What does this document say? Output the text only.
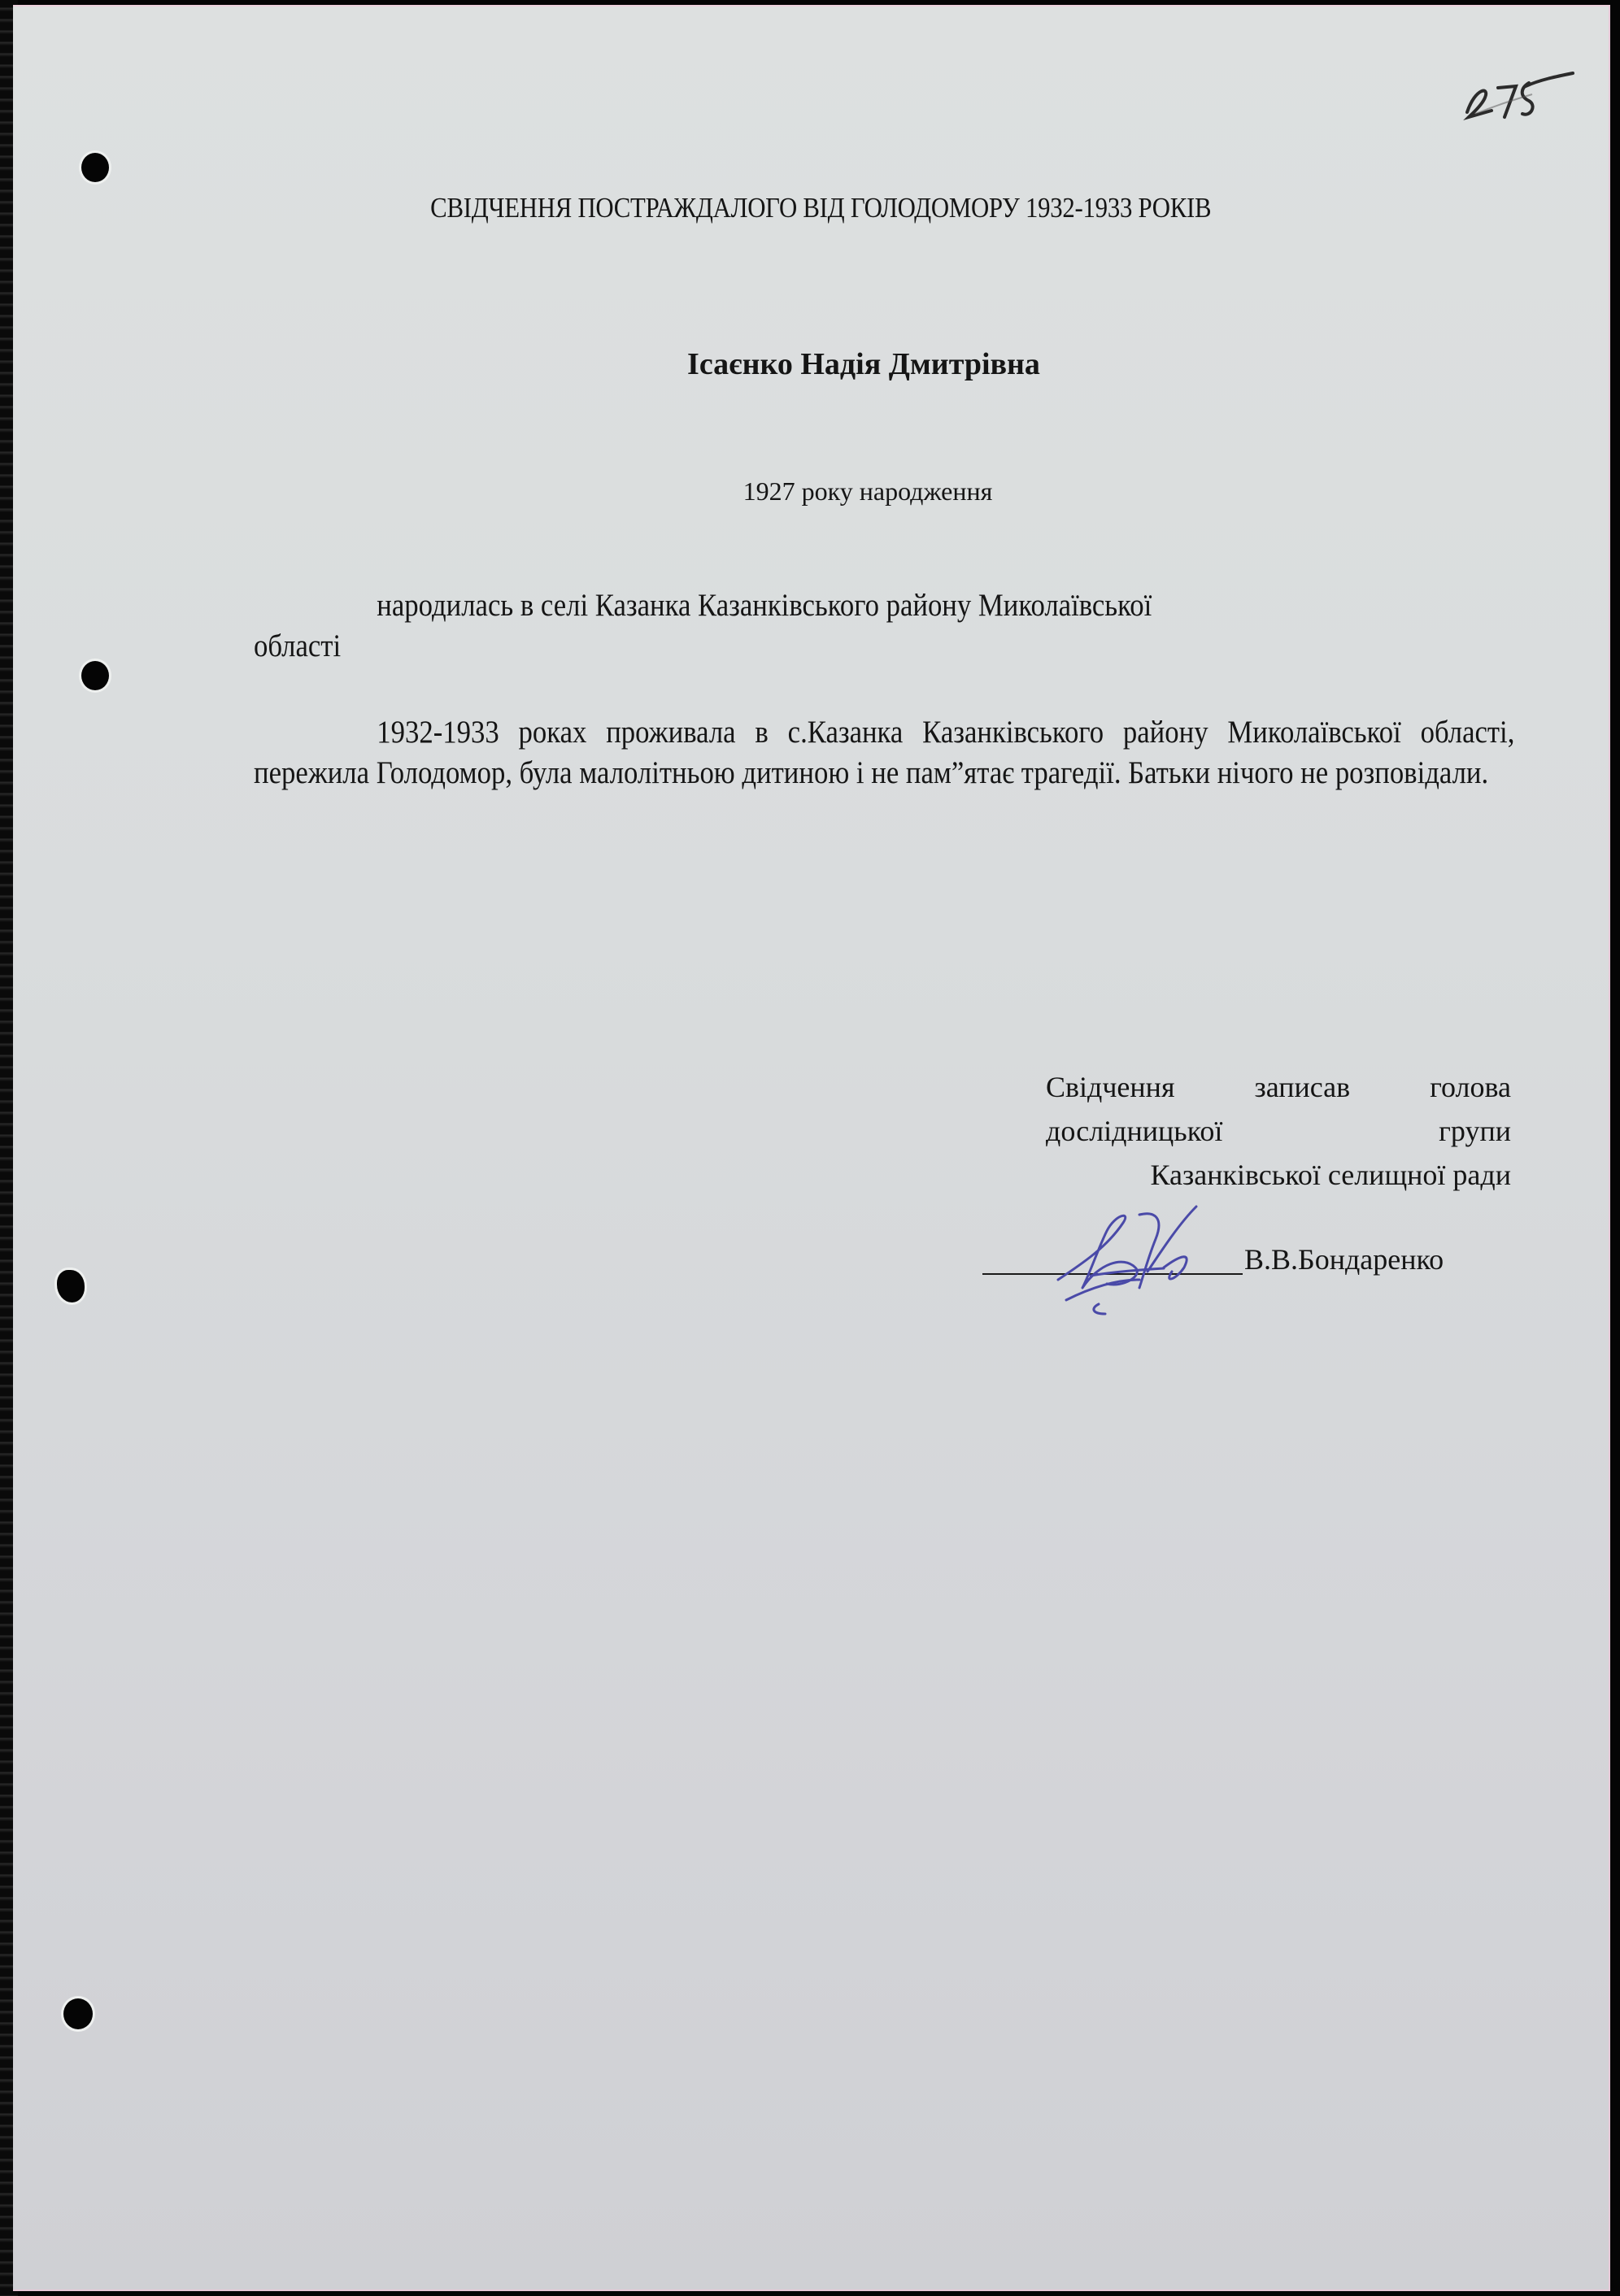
СВІДЧЕННЯ ПОСТРАЖДАЛОГО ВІД ГОЛОДОМОРУ 1932-1933 РОКІВ
Ісаєнко Надія Дмитрівна
1927 року народження
народилась в селі Казанка Казанківського району Миколаївської
області
1932-1933 роках проживала в с.Казанка Казанківського району Миколаївської області, пережила Голодомор, була малолітньою дитиною і не пам”ятає трагедії. Батьки нічого не розповідали.
Свідчення записав голова
дослідницької групи
Казанківської селищної ради
В.В.Бондаренко
